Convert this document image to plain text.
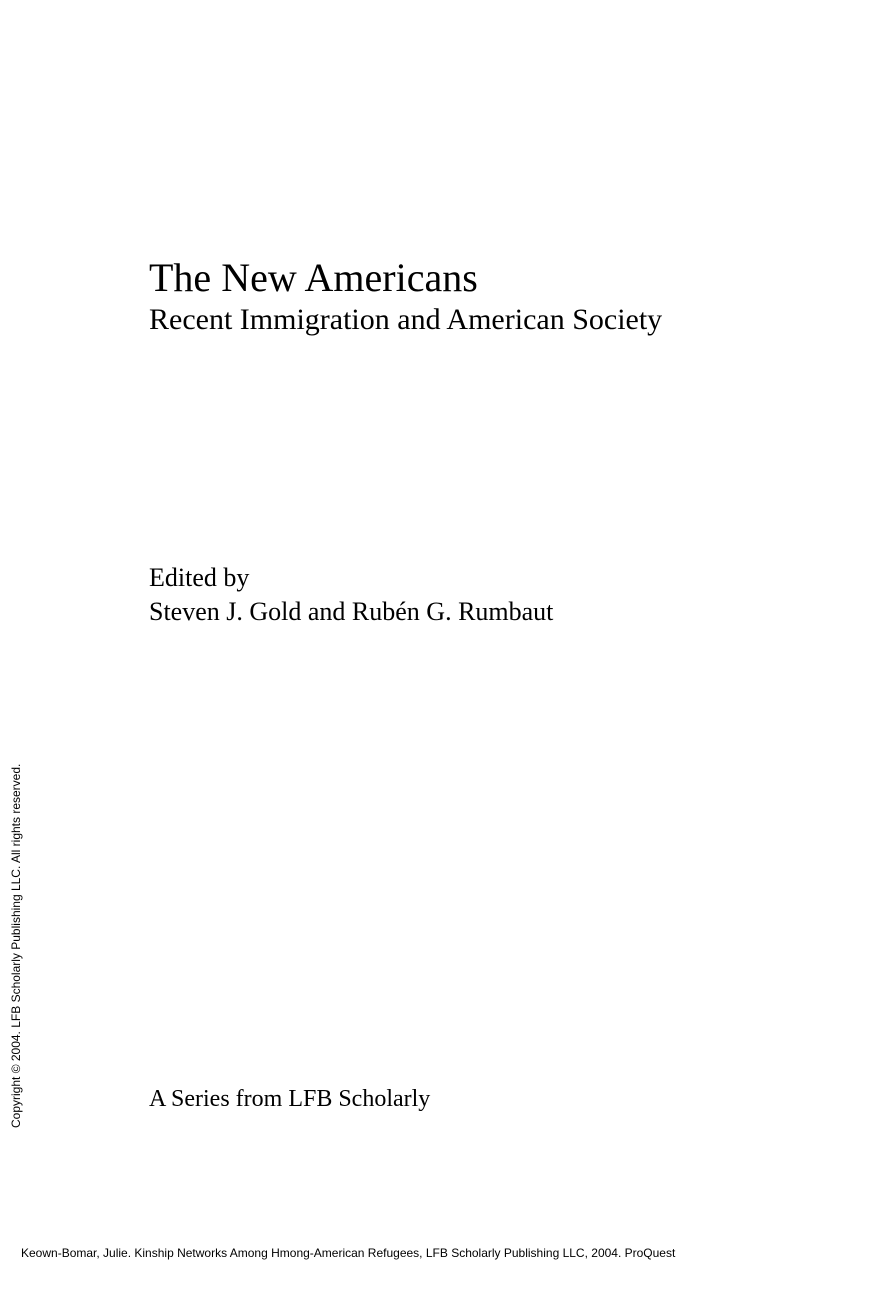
The New Americans
Recent Immigration and American Society
Edited by
Steven J. Gold and Rubén G. Rumbaut
A Series from LFB Scholarly
Copyright © 2004. LFB Scholarly Publishing LLC. All rights reserved.
Keown-Bomar, Julie. Kinship Networks Among Hmong-American Refugees, LFB Scholarly Publishing LLC, 2004. ProQuest
